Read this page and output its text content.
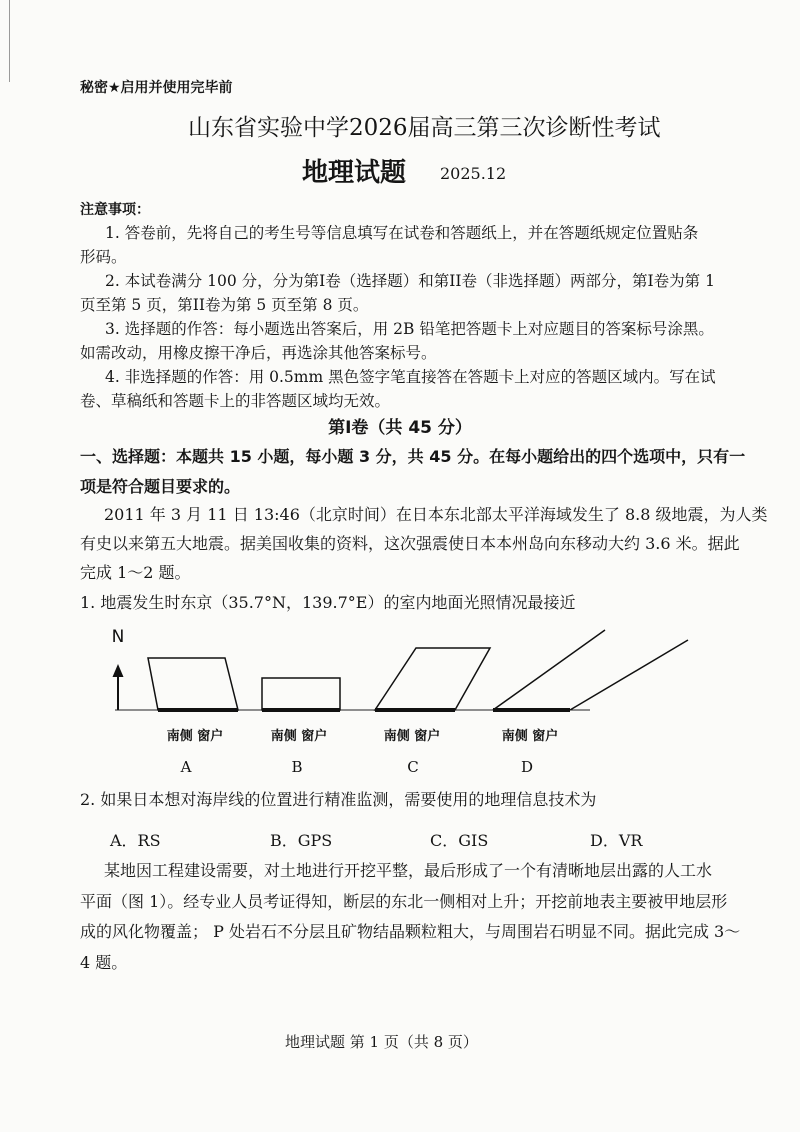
秘密★启用并使用完毕前
山东省实验中学2026届高三第三次诊断性考试
地理试题 2025.12
注意事项：
1. 答卷前，先将自己的考生号等信息填写在试卷和答题纸上，并在答题纸规定位置贴条
形码。
2. 本试卷满分 100 分，分为第I卷（选择题）和第II卷（非选择题）两部分，第I卷为第 1
页至第 5 页，第II卷为第 5 页至第 8 页。
3. 选择题的作答：每小题选出答案后，用 2B 铅笔把答题卡上对应题目的答案标号涂黑。
如需改动，用橡皮擦干净后，再选涂其他答案标号。
4. 非选择题的作答：用 0.5mm 黑色签字笔直接答在答题卡上对应的答题区域内。写在试
卷、草稿纸和答题卡上的非答题区域均无效。
第I卷（共 45 分）
一、选择题：本题共 15 小题，每小题 3 分，共 45 分。在每小题给出的四个选项中，只有一
项是符合题目要求的。
2011 年 3 月 11 日 13:46（北京时间）在日本东北部太平洋海域发生了 8.8 级地震，为人类
有史以来第五大地震。据美国收集的资料，这次强震使日本本州岛向东移动大约 3.6 米。据此
完成 1～2 题。
1. 地震发生时东京（35.7°N，139.7°E）的室内地面光照情况最接近
N
南侧 窗户
A
南侧 窗户
B
南侧 窗户
C
南侧 窗户
D
2. 如果日本想对海岸线的位置进行精准监测，需要使用的地理信息技术为
A．RS	B．GPS	C．GIS	D．VR
某地因工程建设需要，对土地进行开挖平整，最后形成了一个有清晰地层出露的人工水
平面（图 1）。经专业人员考证得知，断层的东北一侧相对上升；开挖前地表主要被甲地层形
成的风化物覆盖； P 处岩石不分层且矿物结晶颗粒粗大，与周围岩石明显不同。据此完成 3～
4 题。
地理试题 第 1 页（共 8 页）
